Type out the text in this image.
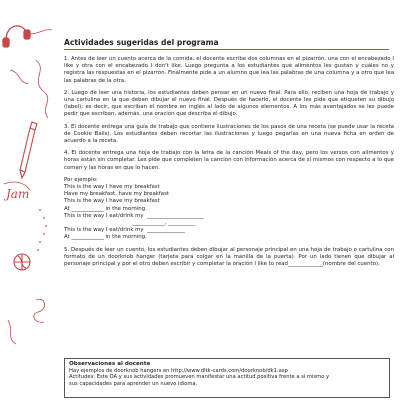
Jam
Actividades sugeridas del programa

1. Antes de leer un cuento acerca de la comida, el docente escribe dos columnas en el pizarrón, una con el encabezado I like y otra con el encabezado I don't like. Luego pregunta a los estudiantes qué alimentos les gustan y cuáles no y registra las respuestas en el pizarrón. Finalmente pide a un alumno que lea las palabras de una columna y a otro que lea las palabras de la otra.

2. Luego de leer una historia, los estudiantes deben pensar en un nuevo final. Para ello, reciben una hoja de trabajo y una cartulina en la que deben dibujar el nuevo final. Después de hacerlo, el docente les pide que etiqueten su dibujo (label); es decir, que escriban el nombre en inglés al lado de algunos elementos. A los más aventajados se les puede pedir que escriban, además, una oración que describa el dibujo.

3. El docente entrega una guía de trabajo que contiene ilustraciones de los pasos de una receta (se puede usar la receta de Cookie Balls). Los estudiantes deben recortar las ilustraciones y luego pegarlas en una nueva ficha en orden de acuerdo a la receta.

4. El docente entrega una hoja de trabajo con la letra de la canción Meals of the day, pero los versos con alimentos y horas están sin completar. Les pide que completen la canción con información acerca de sí mismos con respecto a lo que comen y las horas en que lo hacen.

Por ejemplo:
This is the way I have my breakfast
Have my breakfast, have my breakfast
This is the way I have my breakfast
At ____________ in the morning.
This is the way I eat/drink my  _____________________
____________, __________
This is the way I eat/drink my  ______________
At ____________ in the morning.

5. Después de leer un cuento, los estudiantes deben dibujar al personaje principal en una hoja de trabajo o cartulina con formato de un doorknob hanger (tarjeta para colgar en la manilla de la puerta). Por un lado tienen que dibujar al personaje principal y por el otro deben escribir y completar la oración I like to read_____________(nombre del cuento).

Observaciones al docente
Hay ejemplos de doorknob hangers en http://www.dltk-cards.com/doorknob/dk1.asp
Actitudes: Este OA y sus actividades promueven manifestar una actitud positiva frente a sí mismo y
sus capacidades para aprender un nuevo idioma.
